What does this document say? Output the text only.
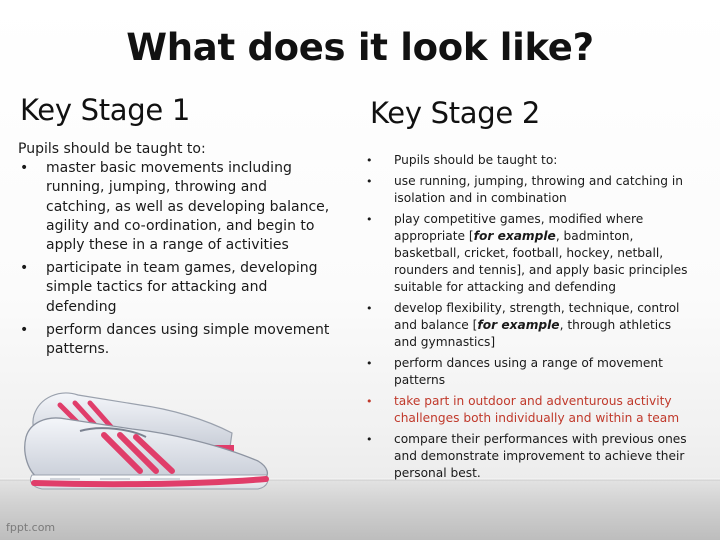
What does it look like?
Key Stage 1	Key Stage 2
Pupils should be taught to:
• master basic movements including running, jumping, throwing and catching, as well as developing balance, agility and co-ordination, and begin to apply these in a range of activities
• participate in team games, developing simple tactics for attacking and defending
• perform dances using simple movement patterns.
• Pupils should be taught to:
• use running, jumping, throwing and catching in isolation and in combination
• play competitive games, modified where appropriate [for example, badminton, basketball, cricket, football, hockey, netball, rounders and tennis], and apply basic principles suitable for attacking and defending
• develop flexibility, strength, technique, control and balance [for example, through athletics and gymnastics]
• perform dances using a range of movement patterns
• take part in outdoor and adventurous activity challenges both individually and within a team
• compare their performances with previous ones and demonstrate improvement to achieve their personal best.
fppt.com
